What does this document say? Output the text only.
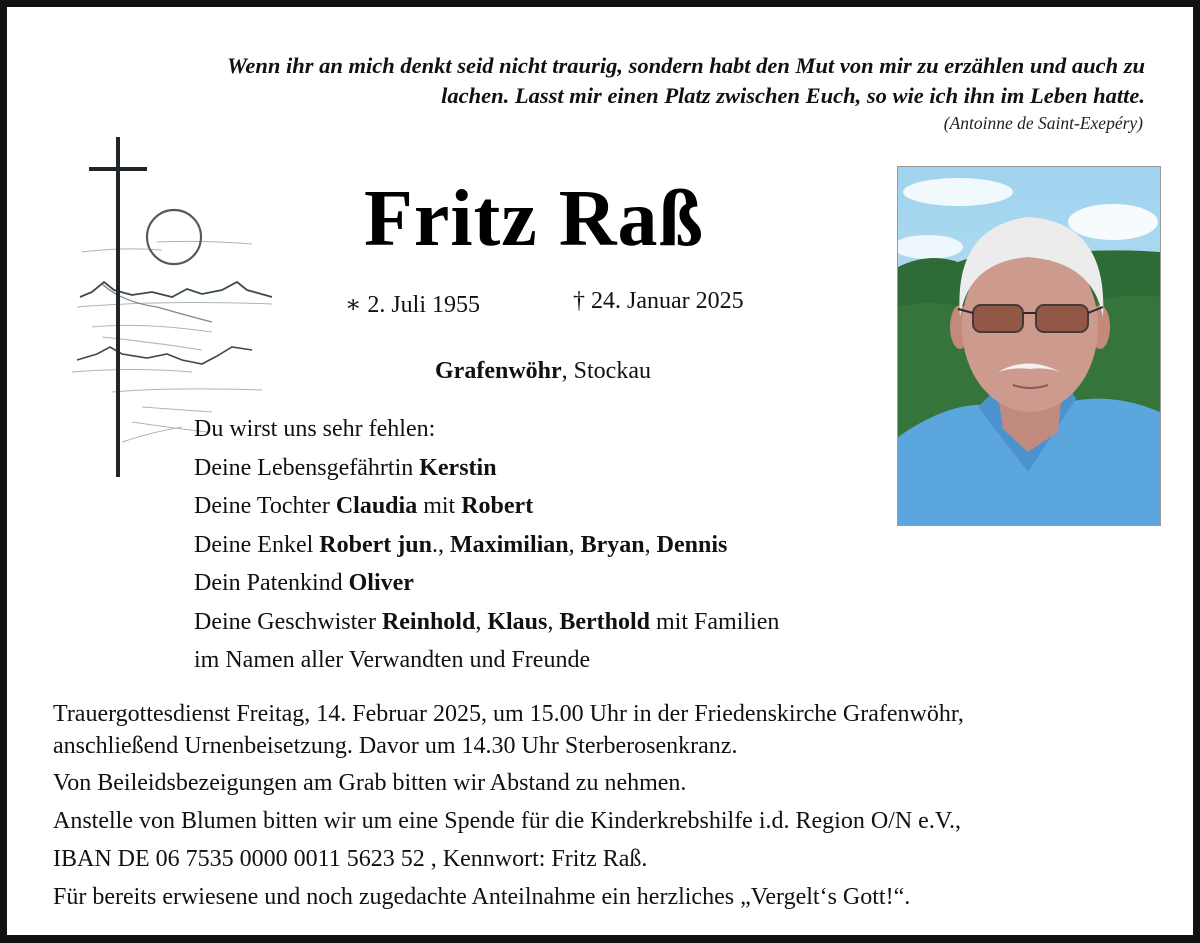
Wenn ihr an mich denkt seid nicht traurig, sondern habt den Mut von mir zu erzählen und auch zu
lachen. Lasst mir einen Platz zwischen Euch, so wie ich ihn im Leben hatte.
(Antoinne de Saint-Exepéry)
Fritz Raß
∗ 2. Juli 1955	† 24. Januar 2025
Grafenwöhr, Stockau
Du wirst uns sehr fehlen:
Deine Lebensgefährtin Kerstin
Deine Tochter Claudia mit Robert
Deine Enkel Robert jun., Maximilian, Bryan, Dennis
Dein Patenkind Oliver
Deine Geschwister Reinhold, Klaus, Berthold mit Familien
im Namen aller Verwandten und Freunde
Trauergottesdienst Freitag, 14. Februar 2025, um 15.00 Uhr in der Friedenskirche Grafenwöhr,
anschließend Urnenbeisetzung. Davor um 14.30 Uhr Sterberosenkranz.
Von Beileidsbezeigungen am Grab bitten wir Abstand zu nehmen.
Anstelle von Blumen bitten wir um eine Spende für die Kinderkrebshilfe i.d. Region O/N e.V.,
IBAN DE 06 7535 0000 0011 5623 52 , Kennwort: Fritz Raß.
Für bereits erwiesene und noch zugedachte Anteilnahme ein herzliches „Vergelt‘s Gott!“.
